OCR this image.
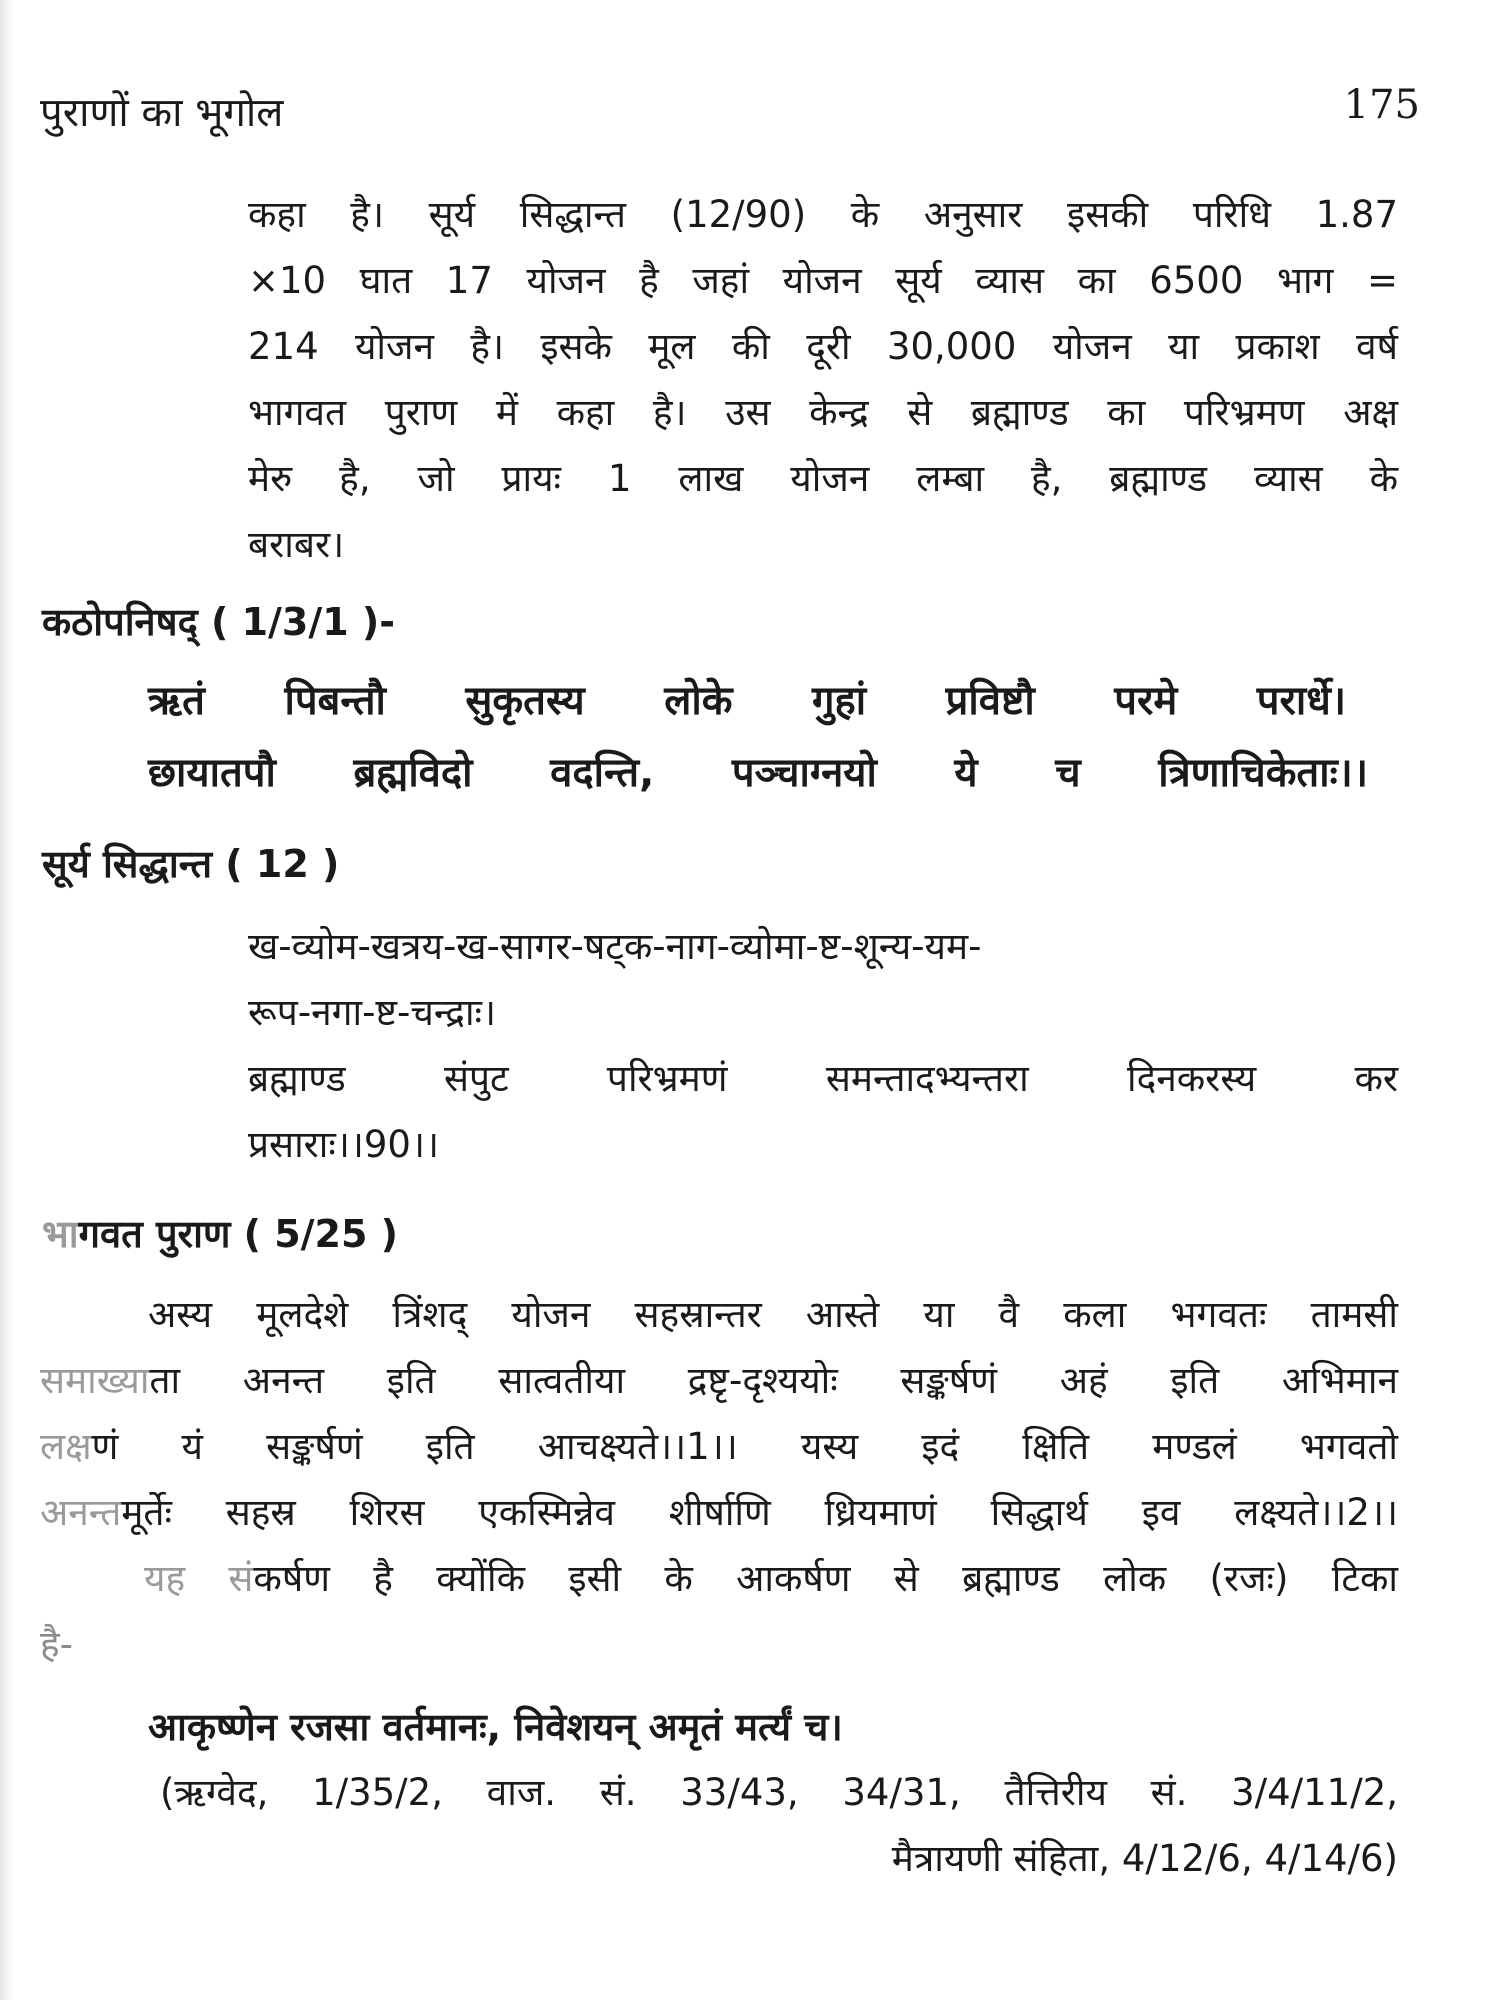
पुराणों का भूगोल	175
कहा है। सूर्य सिद्धान्त (12/90) के अनुसार इसकी परिधि 1.87
×10 घात 17 योजन है जहां योजन सूर्य व्यास का 6500 भाग =
214 योजन है। इसके मूल की दूरी 30,000 योजन या प्रकाश वर्ष
भागवत पुराण में कहा है। उस केन्द्र से ब्रह्माण्ड का परिभ्रमण अक्ष
मेरु है, जो प्रायः 1 लाख योजन लम्बा है, ब्रह्माण्ड व्यास के
बराबर।
कठोपनिषद् ( 1/3/1 )-
ऋतं पिबन्तौ सुकृतस्य लोके गुहां प्रविष्टौ परमे परार्धे।
छायातपौ ब्रह्मविदो वदन्ति, पञ्चाग्नयो ये च त्रिणाचिकेताः।।
सूर्य सिद्धान्त ( 12 )
ख-व्योम-खत्रय-ख-सागर-षट्क-नाग-व्योमा-ष्ट-शून्य-यम-
रूप-नगा-ष्ट-चन्द्राः।
ब्रह्माण्ड संपुट परिभ्रमणं समन्तादभ्यन्तरा दिनकरस्य कर
प्रसाराः।।90।।
भागवत पुराण ( 5/25 )
अस्य मूलदेशे त्रिंशद् योजन सहस्रान्तर आस्ते या वै कला भगवतः तामसी
समाख्याता अनन्त इति सात्वतीया द्रष्टृ-दृश्ययोः सङ्कर्षणं अहं इति अभिमान
लक्षणं यं सङ्कर्षणं इति आचक्ष्यते।।1।। यस्य इदं क्षिति मण्डलं भगवतो
अनन्तमूर्तेः सहस्र शिरस एकस्मिन्नेव शीर्षाणि ध्रियमाणं सिद्धार्थ इव लक्ष्यते।।2।।
यह संकर्षण है क्योंकि इसी के आकर्षण से ब्रह्माण्ड लोक (रजः) टिका
है-
आकृष्णेन रजसा वर्तमानः, निवेशयन् अमृतं मर्त्यं च।
(ऋग्वेद, 1/35/2, वाज. सं. 33/43, 34/31, तैत्तिरीय सं. 3/4/11/2,
मैत्रायणी संहिता, 4/12/6, 4/14/6)
